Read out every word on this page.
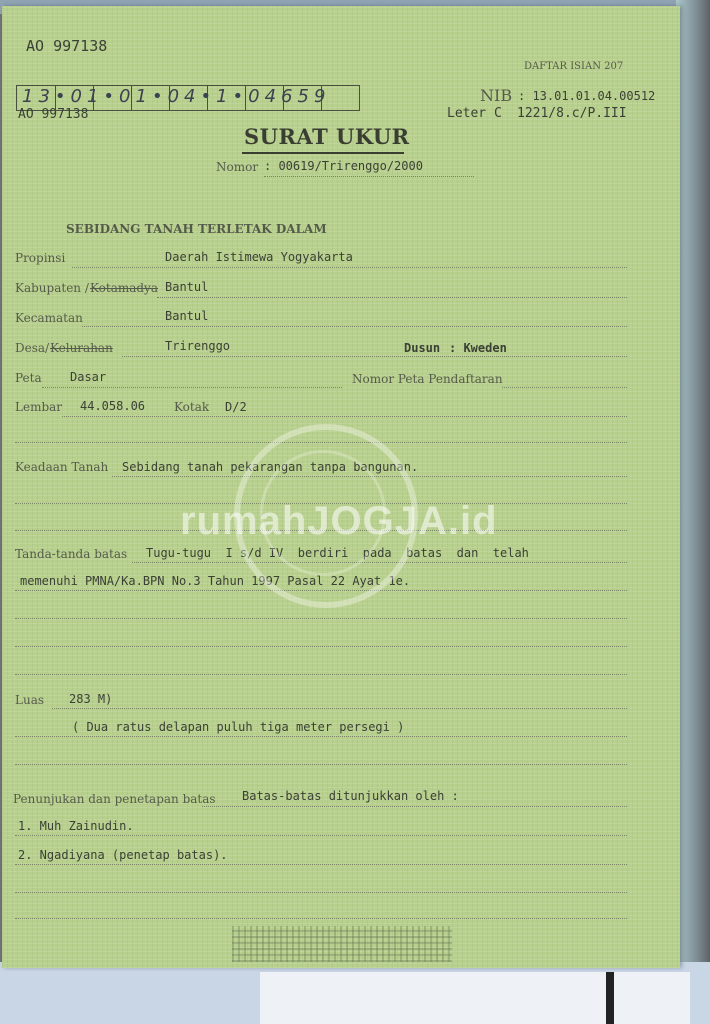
AO 997138
13•01•01•04•1•04659
AO 997138
DAFTAR ISIAN 207
NIB : 13.01.01.04.00512
Leter C 1221/8.c/P.III
SURAT UKUR
Nomor : 00619/Trirenggo/2000
SEBIDANG TANAH TERLETAK DALAM
Propinsi	Daerah Istimewa Yogyakarta
Kabupaten / Kotamadya Bantul
Kecamatan	Bantul
Desa/ Kelurahan	Trirenggo	Dusun : Kweden
Peta Dasar	Nomor Peta Pendaftaran
Lembar 44.058.06 Kotak D/2
Keadaan Tanah Sebidang tanah pekarangan tanpa bangunan.
Tanda-tanda batas Tugu-tugu  I s/d IV  berdiri  pada  batas  dan  telah
memenuhi PMNA/Ka.BPN No.3 Tahun 1997 Pasal 22 Ayat 1e.
Luas 283 M)
( Dua ratus delapan puluh tiga meter persegi )
Penunjukan dan penetapan batas Batas-batas ditunjukkan oleh :
1. Muh Zainudin.
2. Ngadiyana (penetap batas).
rumahJOGJA.id
